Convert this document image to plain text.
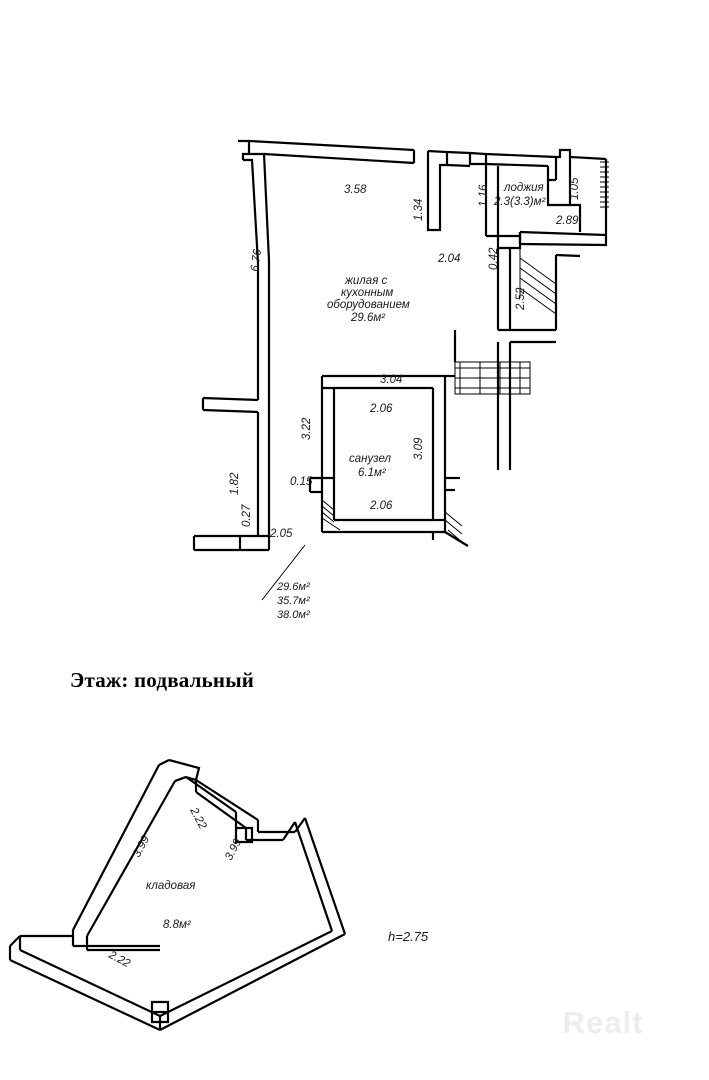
3.58
1.34
2.04
1.16	1.05
2.89
0.42
6.76
2.52
3.04
2.06
3.22
3.09
0.15
2.06
1.82
0.27
2.05
жилая с
кухонным
оборудованием
29.6м²
лоджия
2.3(3.3)м²
санузел
6.1м²
29.6м²
35.7м²
38.0м²
2.22
3.99	3.99
2.22
кладовая
8.8м²
h=2.75
Этаж: подвальный
Realt
